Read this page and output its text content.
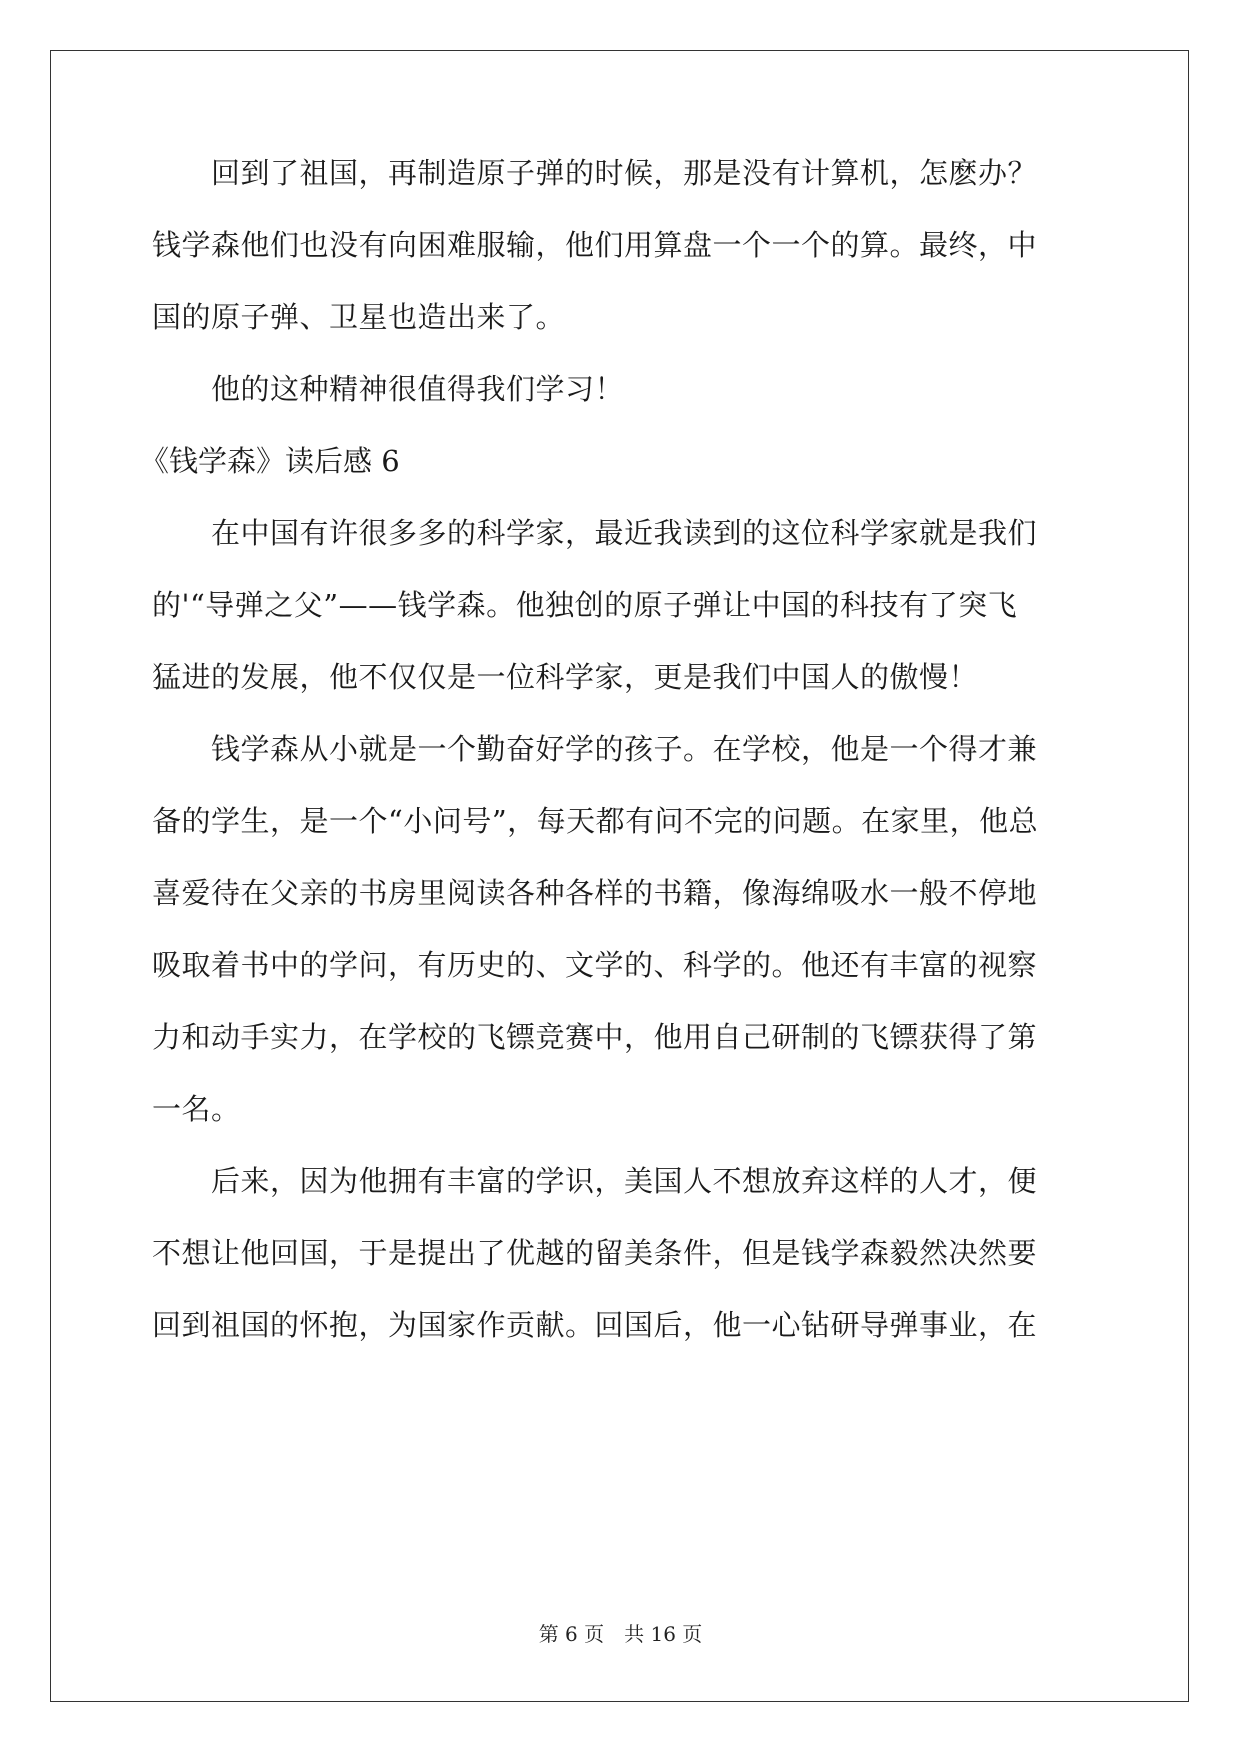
　　回到了祖国，再制造原子弹的时候，那是没有计算机，怎麽办？
钱学森他们也没有向困难服输，他们用算盘一个一个的算。最终，中
国的原子弹、卫星也造出来了。
　　他的这种精神很值得我们学习！
《钱学森》读后感 6
　　在中国有许很多多的科学家，最近我读到的这位科学家就是我们
的'“导弹之父”——钱学森。他独创的原子弹让中国的科技有了突飞
猛进的发展，他不仅仅是一位科学家，更是我们中国人的傲慢！
　　钱学森从小就是一个勤奋好学的孩子。在学校，他是一个得才兼
备的学生，是一个“小问号”，每天都有问不完的问题。在家里，他总
喜爱待在父亲的书房里阅读各种各样的书籍，像海绵吸水一般不停地
吸取着书中的学问，有历史的、文学的、科学的。他还有丰富的视察
力和动手实力，在学校的飞镖竞赛中，他用自己研制的飞镖获得了第
一名。
　　后来，因为他拥有丰富的学识，美国人不想放弃这样的人才，便
不想让他回国，于是提出了优越的留美条件，但是钱学森毅然决然要
回到祖国的怀抱，为国家作贡献。回国后，他一心钻研导弹事业，在
第 6 页　共 16 页
